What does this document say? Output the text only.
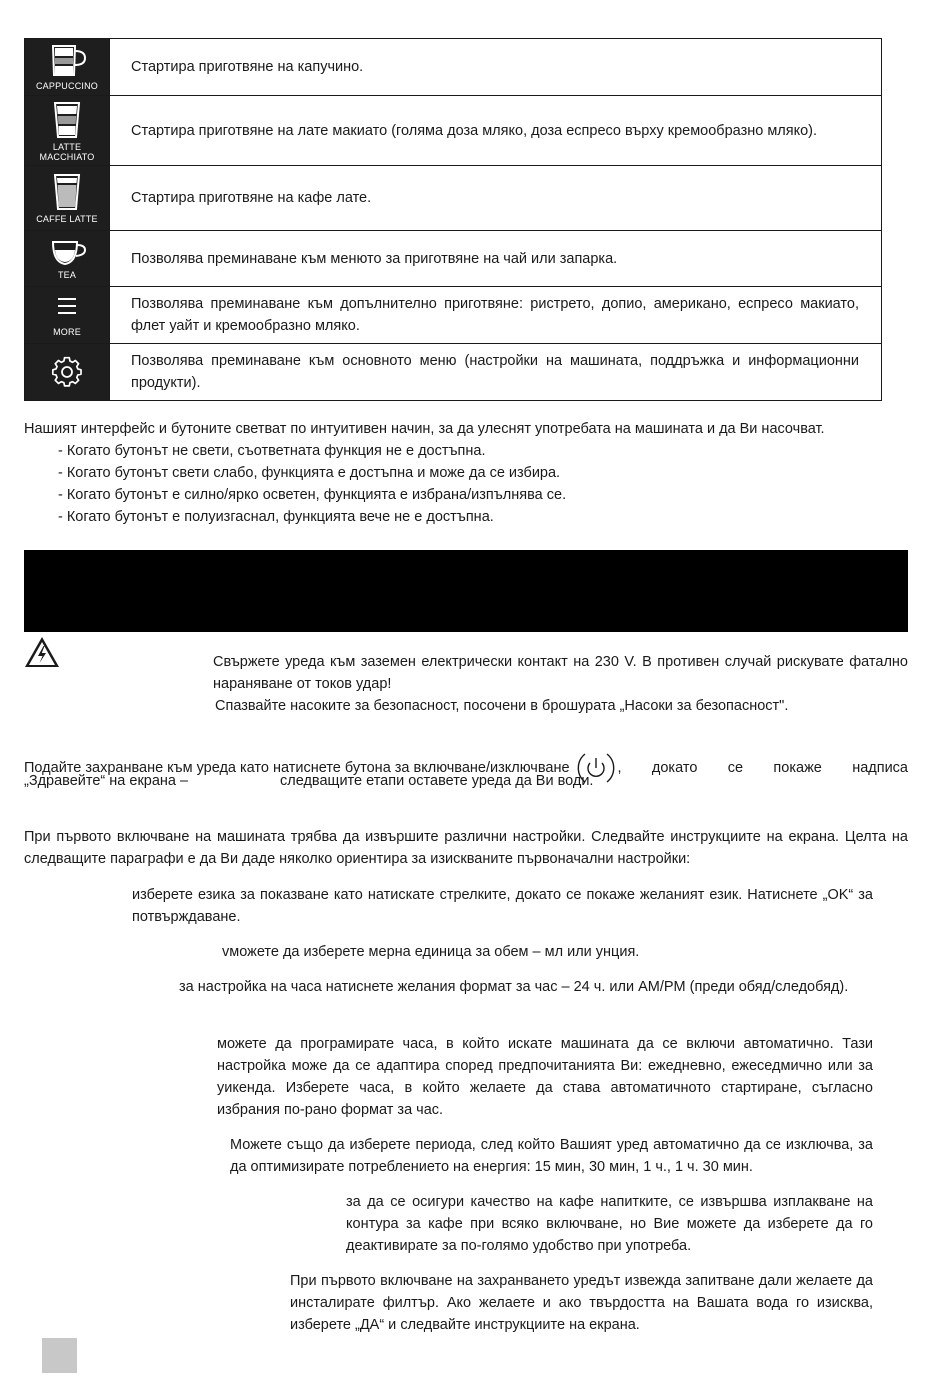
CAPPUCCINO
Стартира приготвяне на капучино.
LATTE
MACCHIATO
Стартира приготвяне на лате макиато (голяма доза мляко, доза еспресо върху кремообразно мляко).
CAFFE LATTE
Стартира приготвяне на кафе лате.
TEA
Позволява преминаване към менюто за приготвяне на чай или запарка.
MORE
Позволява преминаване към допълнително приготвяне: ристрето, допио, американо, еспресо макиато, флет уайт и кремообразно мляко.
Позволява преминаване към основното меню (настройки на машината, поддръжка и информационни продукти).
Нашият интерфейс и бутоните светват по интуитивен начин, за да улеснят употребата на машината и да Ви насочват.
- Когато бутонът не свети, съответната функция не е достъпна.
- Когато бутонът свети слабо, функцията е достъпна и може да се избира.
- Когато бутонът е силно/ярко осветен, функцията е избрана/изпълнява се.
- Когато бутонът е полуизгаснал, функцията вече не е достъпна.
Свържете уреда към заземен електрически контакт на 230 V. В противен случай рискувате фатално нараняване от токов удар!
Спазвайте насоките за безопасност, посочени в брошурата „Насоки за безопасност".
Подайте захранване към уреда като натиснете бутона за включване/изключване	, докато се покаже надписа
„Здравейте“ на екрана –	следващите етапи оставете уреда да Ви води.
При първото включване на машината трябва да извършите различни настройки. Следвайте инструкциите на екрана. Целта на следващите параграфи е да Ви даде няколко ориентира за изискваните първоначални настройки:
изберете езика за показване като натискате стрелките, докато се покаже желаният език. Натиснете „OK“ за потвърждаване.
vможете да изберете мерна единица за обем – мл или унция.
за настройка на часа натиснете желания формат за час – 24 ч. или AM/PM (преди обяд/следобяд).
можете да програмирате часа, в който искате машината да се включи автоматично. Тази настройка може да се адаптира според предпочитанията Ви: ежедневно, ежеседмично или за уикенда. Изберете часа, в който желаете да става автоматичното стартиране, съгласно избрания по-рано формат за час.
Можете също да изберете периода, след който Вашият уред автоматично да се изключва, за да оптимизирате потреблението на енергия: 15 мин, 30 мин, 1 ч., 1 ч. 30 мин.
за да се осигури качество на кафе напитките, се извършва изплакване на контура за кафе при всяко включване, но Вие можете да изберете да го деактивирате за по-голямо удобство при употреба.
При първото включване на захранването уредът извежда запитване дали желаете да инсталирате филтър. Ако желаете и ако твърдостта на Вашата вода го изисква, изберете „ДА“ и следвайте инструкциите на екрана.
